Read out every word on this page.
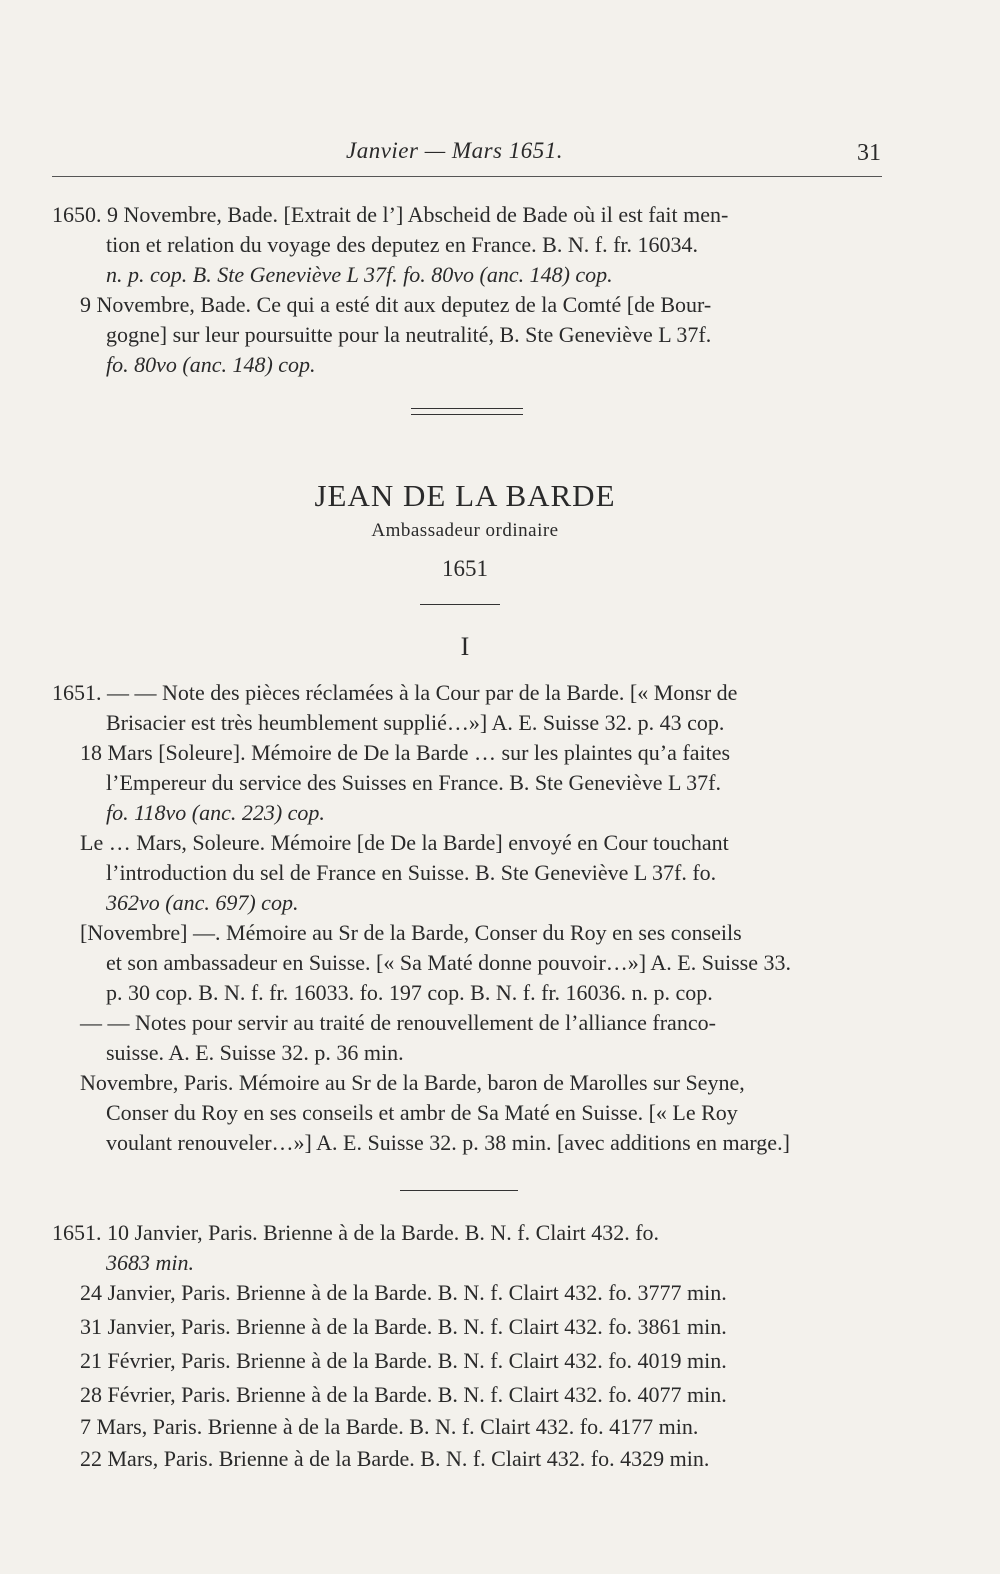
Janvier — Mars 1651.	31
1650. 9 Novembre, Bade. [Extrait de l’] Abscheid de Bade où il est fait men-
tion et relation du voyage des deputez en France. B. N. f. fr. 16034.
n. p. cop. B. Ste Geneviève L 37f. fo. 80vo (anc. 148) cop.
9 Novembre, Bade. Ce qui a esté dit aux deputez de la Comté [de Bour-
gogne] sur leur poursuitte pour la neutralité, B. Ste Geneviève L 37f.
fo. 80vo (anc. 148) cop.
JEAN DE LA BARDE
Ambassadeur ordinaire
1651
I
1651. — — Note des pièces réclamées à la Cour par de la Barde. [« Monsr de
Brisacier est très heumblement supplié…»] A. E. Suisse 32. p. 43 cop.
18 Mars [Soleure]. Mémoire de De la Barde … sur les plaintes qu’a faites
l’Empereur du service des Suisses en France. B. Ste Geneviève L 37f.
fo. 118vo (anc. 223) cop.
Le … Mars, Soleure. Mémoire [de De la Barde] envoyé en Cour touchant
l’introduction du sel de France en Suisse. B. Ste Geneviève L 37f. fo.
362vo (anc. 697) cop.
[Novembre] —. Mémoire au Sr de la Barde, Conser du Roy en ses conseils
et son ambassadeur en Suisse. [« Sa Maté donne pouvoir…»] A. E. Suisse 33.
p. 30 cop. B. N. f. fr. 16033. fo. 197 cop. B. N. f. fr. 16036. n. p. cop.
— — Notes pour servir au traité de renouvellement de l’alliance franco-
suisse. A. E. Suisse 32. p. 36 min.
Novembre, Paris. Mémoire au Sr de la Barde, baron de Marolles sur Seyne,
Conser du Roy en ses conseils et ambr de Sa Maté en Suisse. [« Le Roy
voulant renouveler…»] A. E. Suisse 32. p. 38 min. [avec additions en marge.]
1651. 10 Janvier, Paris. Brienne à de la Barde. B. N. f. Clairt 432. fo.
3683 min.
24 Janvier, Paris. Brienne à de la Barde. B. N. f. Clairt 432. fo. 3777 min.
31 Janvier, Paris. Brienne à de la Barde. B. N. f. Clairt 432. fo. 3861 min.
21 Février, Paris. Brienne à de la Barde. B. N. f. Clairt 432. fo. 4019 min.
28 Février, Paris. Brienne à de la Barde. B. N. f. Clairt 432. fo. 4077 min.
7 Mars, Paris. Brienne à de la Barde. B. N. f. Clairt 432. fo. 4177 min.
22 Mars, Paris. Brienne à de la Barde. B. N. f. Clairt 432. fo. 4329 min.
